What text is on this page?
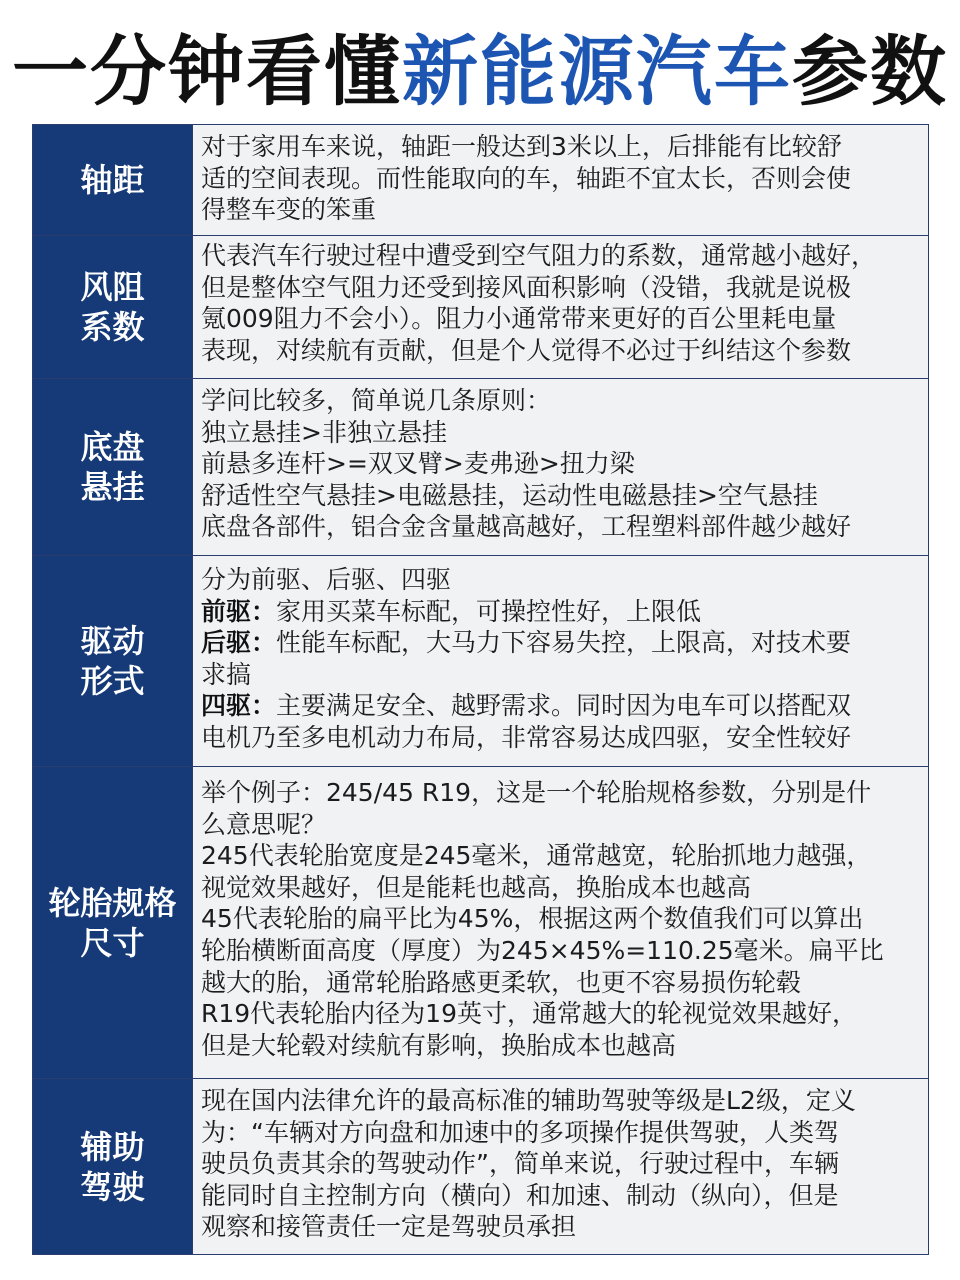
一分钟看懂新能源汽车参数
轴距
对于家用车来说，轴距一般达到3米以上，后排能有比较舒
适的空间表现。而性能取向的车，轴距不宜太长，否则会使
得整车变的笨重
风阻
系数
代表汽车行驶过程中遭受到空气阻力的系数，通常越小越好，
但是整体空气阻力还受到接风面积影响（没错，我就是说极
氪009阻力不会小）。阻力小通常带来更好的百公里耗电量
表现，对续航有贡献，但是个人觉得不必过于纠结这个参数
底盘
悬挂
学问比较多，简单说几条原则：
独立悬挂>非独立悬挂
前悬多连杆>=双叉臂>麦弗逊>扭力梁
舒适性空气悬挂>电磁悬挂，运动性电磁悬挂>空气悬挂
底盘各部件，铝合金含量越高越好，工程塑料部件越少越好
驱动
形式
分为前驱、后驱、四驱
前驱：家用买菜车标配，可操控性好，上限低
后驱：性能车标配，大马力下容易失控，上限高，对技术要
求搞
四驱：主要满足安全、越野需求。同时因为电车可以搭配双
电机乃至多电机动力布局，非常容易达成四驱，安全性较好
轮胎规格
尺寸
举个例子：245/45 R19，这是一个轮胎规格参数，分别是什
么意思呢？
245代表轮胎宽度是245毫米，通常越宽，轮胎抓地力越强，
视觉效果越好，但是能耗也越高，换胎成本也越高
45代表轮胎的扁平比为45%，根据这两个数值我们可以算出
轮胎横断面高度（厚度）为245×45%=110.25毫米。扁平比
越大的胎，通常轮胎路感更柔软，也更不容易损伤轮毂
R19代表轮胎内径为19英寸，通常越大的轮视觉效果越好，
但是大轮毂对续航有影响，换胎成本也越高
辅助
驾驶
现在国内法律允许的最高标准的辅助驾驶等级是L2级，定义
为：“车辆对方向盘和加速中的多项操作提供驾驶，人类驾
驶员负责其余的驾驶动作”，简单来说，行驶过程中，车辆
能同时自主控制方向（横向）和加速、制动（纵向），但是
观察和接管责任一定是驾驶员承担
